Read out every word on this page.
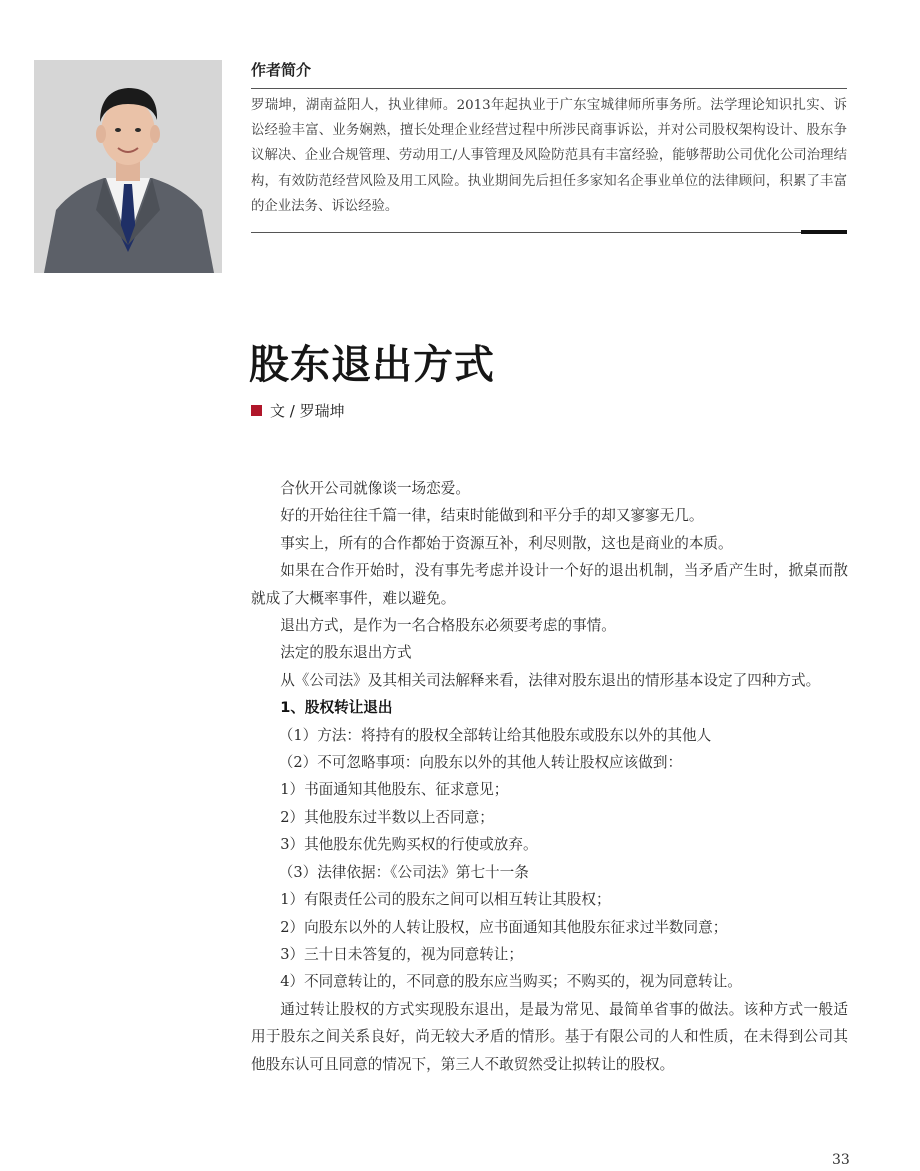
作者简介
罗瑞坤，湖南益阳人，执业律师。2013年起执业于广东宝城律师所事务所。法学理论知识扎实、诉讼经验丰富、业务娴熟，擅长处理企业经营过程中所涉民商事诉讼，并对公司股权架构设计、股东争议解决、企业合规管理、劳动用工/人事管理及风险防范具有丰富经验，能够帮助公司优化公司治理结构，有效防范经营风险及用工风险。执业期间先后担任多家知名企事业单位的法律顾问，积累了丰富的企业法务、诉讼经验。
股东退出方式
文 / 罗瑞坤

合伙开公司就像谈一场恋爱。

好的开始往往千篇一律，结束时能做到和平分手的却又寥寥无几。

事实上，所有的合作都始于资源互补，利尽则散，这也是商业的本质。

如果在合作开始时，没有事先考虑并设计一个好的退出机制，当矛盾产生时，掀桌而散就成了大概率事件，难以避免。

退出方式，是作为一名合格股东必须要考虑的事情。

法定的股东退出方式

从《公司法》及其相关司法解释来看，法律对股东退出的情形基本设定了四种方式。

1、股权转让退出

（1）方法：将持有的股权全部转让给其他股东或股东以外的其他人

（2）不可忽略事项：向股东以外的其他人转让股权应该做到：

1）书面通知其他股东、征求意见；

2）其他股东过半数以上否同意；

3）其他股东优先购买权的行使或放弃。

（3）法律依据：《公司法》第七十一条

1）有限责任公司的股东之间可以相互转让其股权；

2）向股东以外的人转让股权，应书面通知其他股东征求过半数同意；

3）三十日未答复的，视为同意转让；

4）不同意转让的，不同意的股东应当购买；不购买的，视为同意转让。

通过转让股权的方式实现股东退出，是最为常见、最简单省事的做法。该种方式一般适用于股东之间关系良好，尚无较大矛盾的情形。基于有限公司的人和性质，在未得到公司其他股东认可且同意的情况下，第三人不敢贸然受让拟转让的股权。

33
